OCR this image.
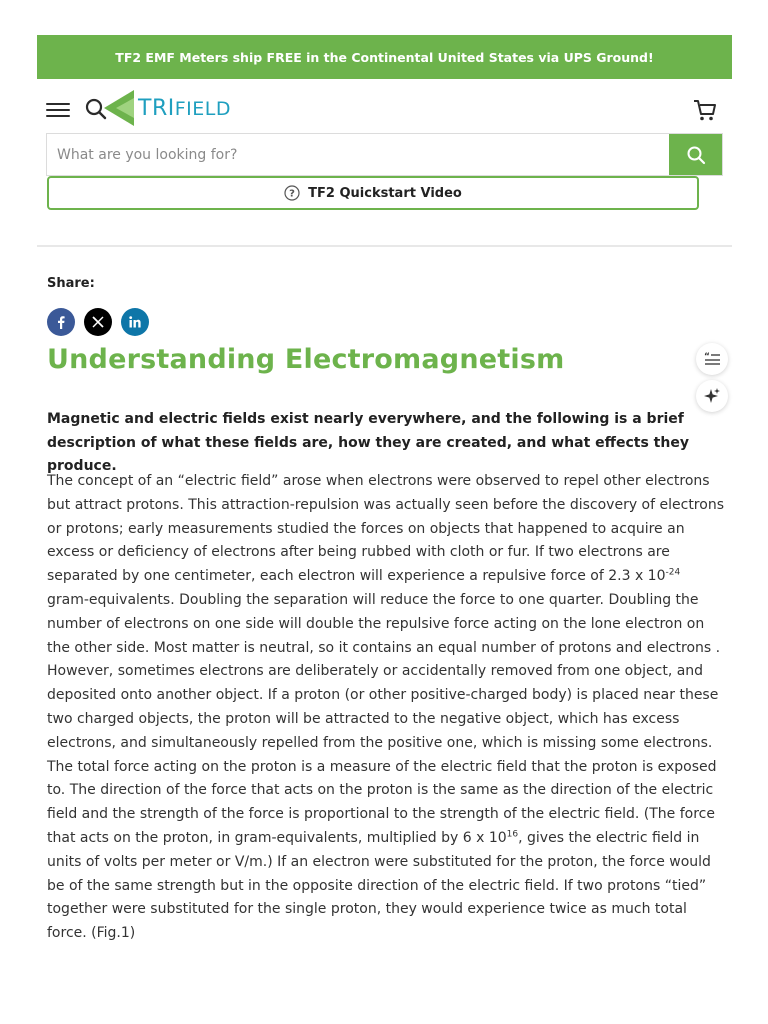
TF2 EMF Meters ship FREE in the Continental United States via UPS Ground!
TRIFIELD
What are you looking for?
? TF2 Quickstart Video
Share:
Understanding Electromagnetism	“

Magnetic and electric fields exist nearly everywhere, and the following is a brief description of what these fields are, how they are created, and what effects they produce.

The concept of an “electric field” arose when electrons were observed to repel other electrons but attract protons. This attraction-repulsion was actually seen before the discovery of electrons or protons; early measurements studied the forces on objects that happened to acquire an excess or deficiency of electrons after being rubbed with cloth or fur. If two electrons are separated by one centimeter, each electron will experience a repulsive force of 2.3 x $10^{-24}$ gram-equivalents. Doubling the separation will reduce the force to one quarter. Doubling the number of electrons on one side will double the repulsive force acting on the lone electron on the other side. Most matter is neutral, so it contains an equal number of protons and electrons . However, sometimes electrons are deliberately or accidentally removed from one object, and deposited onto another object. If a proton (or other positive-charged body) is placed near these two charged objects, the proton will be attracted to the negative object, which has excess electrons, and simultaneously repelled from the positive one, which is missing some electrons. The total force acting on the proton is a measure of the electric field that the proton is exposed to. The direction of the force that acts on the proton is the same as the direction of the electric field and the strength of the force is proportional to the strength of the electric field. (The force that acts on the proton, in gram-equivalents, multiplied by 6 x $10^{16}$, gives the electric field in units of volts per meter or V/m.) If an electron were substituted for the proton, the force would be of the same strength but in the opposite direction of the electric field. If two protons “tied” together were substituted for the single proton, they would experience twice as much total force. (Fig.1)
